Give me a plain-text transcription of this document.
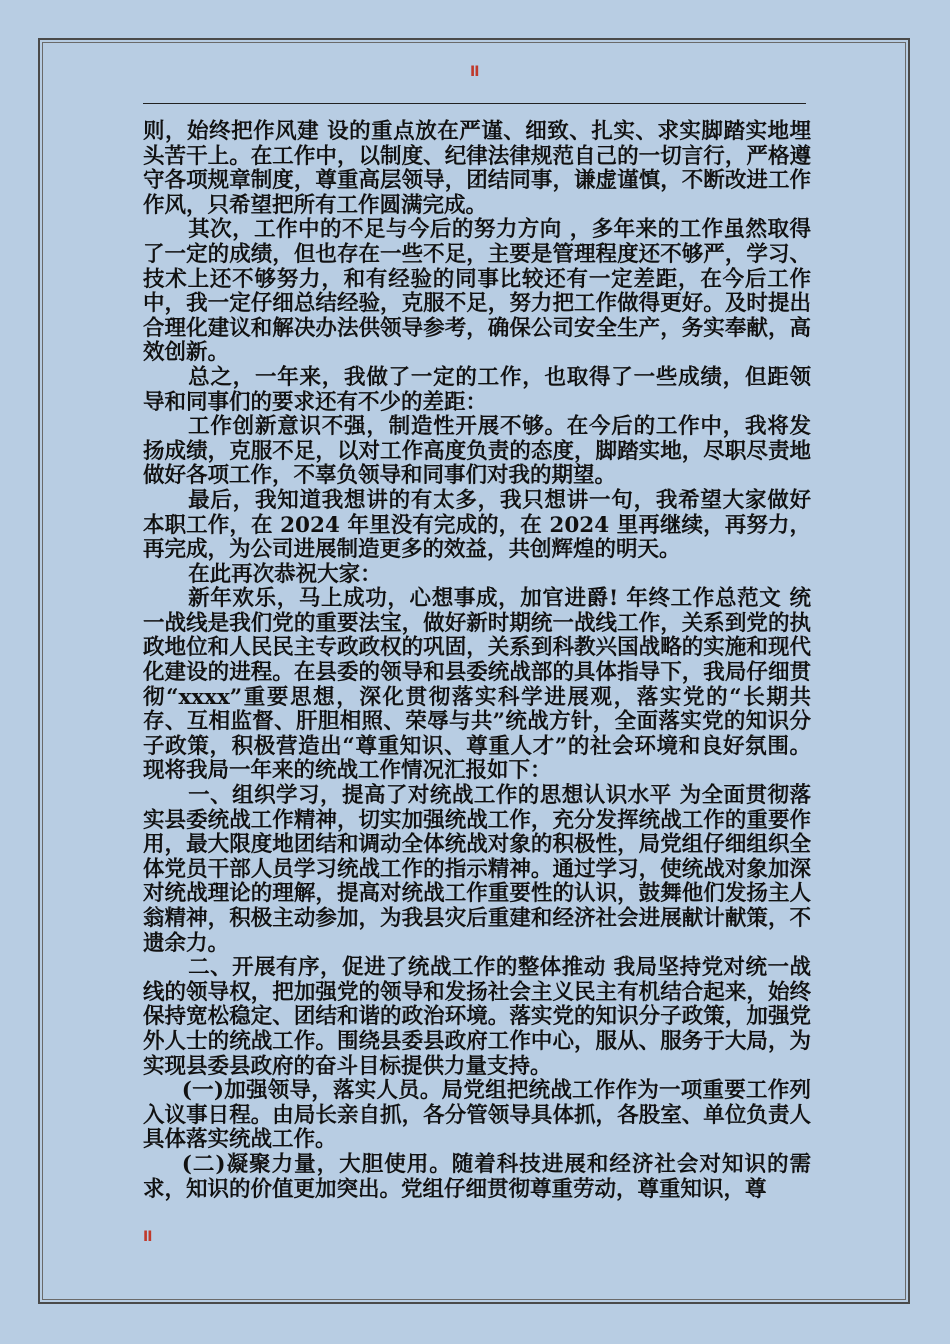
II

则，始终把作风建 设的重点放在严谨、细致、扎实、求实脚踏实地埋头苦干上。在工作中，以制度、纪律法律规范自己的一切言行，严格遵守各项规章制度，尊重高层领导，团结同事，谦虚谨慎，不断改进工作作风，只希望把所有工作圆满完成。

其次，工作中的不足与今后的努力方向 ，多年来的工作虽然取得了一定的成绩，但也存在一些不足，主要是管理程度还不够严，学习、技术上还不够努力，和有经验的同事比较还有一定差距，在今后工作中，我一定仔细总结经验，克服不足，努力把工作做得更好。及时提出合理化建议和解决办法供领导参考，确保公司安全生产，务实奉献，高效创新。

总之，一年来，我做了一定的工作，也取得了一些成绩，但距领导和同事们的要求还有不少的差距：

工作创新意识不强，制造性开展不够。在今后的工作中，我将发扬成绩，克服不足，以对工作高度负责的态度，脚踏实地，尽职尽责地做好各项工作，不辜负领导和同事们对我的期望。

最后，我知道我想讲的有太多，我只想讲一句，我希望大家做好本职工作，在 2024 年里没有完成的，在 2024 里再继续，再努力，再完成，为公司进展制造更多的效益，共创辉煌的明天。

在此再次恭祝大家：

新年欢乐，马上成功，心想事成，加官进爵! 年终工作总范文 统一战线是我们党的重要法宝，做好新时期统一战线工作，关系到党的执政地位和人民民主专政政权的巩固，关系到科教兴国战略的实施和现代化建设的进程。在县委的领导和县委统战部的具体指导下，我局仔细贯彻“xxxx”重要思想，深化贯彻落实科学进展观，落实党的“长期共存、互相监督、肝胆相照、荣辱与共”统战方针，全面落实党的知识分子政策，积极营造出“尊重知识、尊重人才”的社会环境和良好氛围。现将我局一年来的统战工作情况汇报如下：

一、组织学习，提高了对统战工作的思想认识水平 为全面贯彻落实县委统战工作精神，切实加强统战工作，充分发挥统战工作的重要作用，最大限度地团结和调动全体统战对象的积极性，局党组仔细组织全体党员干部人员学习统战工作的指示精神。通过学习，使统战对象加深对统战理论的理解，提高对统战工作重要性的认识，鼓舞他们发扬主人翁精神，积极主动参加，为我县灾后重建和经济社会进展献计献策，不遗余力。

二、开展有序，促进了统战工作的整体推动 我局坚持党对统一战线的领导权，把加强党的领导和发扬社会主义民主有机结合起来，始终保持宽松稳定、团结和谐的政治环境。落实党的知识分子政策，加强党外人士的统战工作。围绕县委县政府工作中心，服从、服务于大局，为实现县委县政府的奋斗目标提供力量支持。

(一)加强领导，落实人员。局党组把统战工作作为一项重要工作列入议事日程。由局长亲自抓，各分管领导具体抓，各股室、单位负责人具体落实统战工作。

(二)凝聚力量，大胆使用。随着科技进展和经济社会对知识的需求，知识的价值更加突出。党组仔细贯彻尊重劳动，尊重知识，尊

II
